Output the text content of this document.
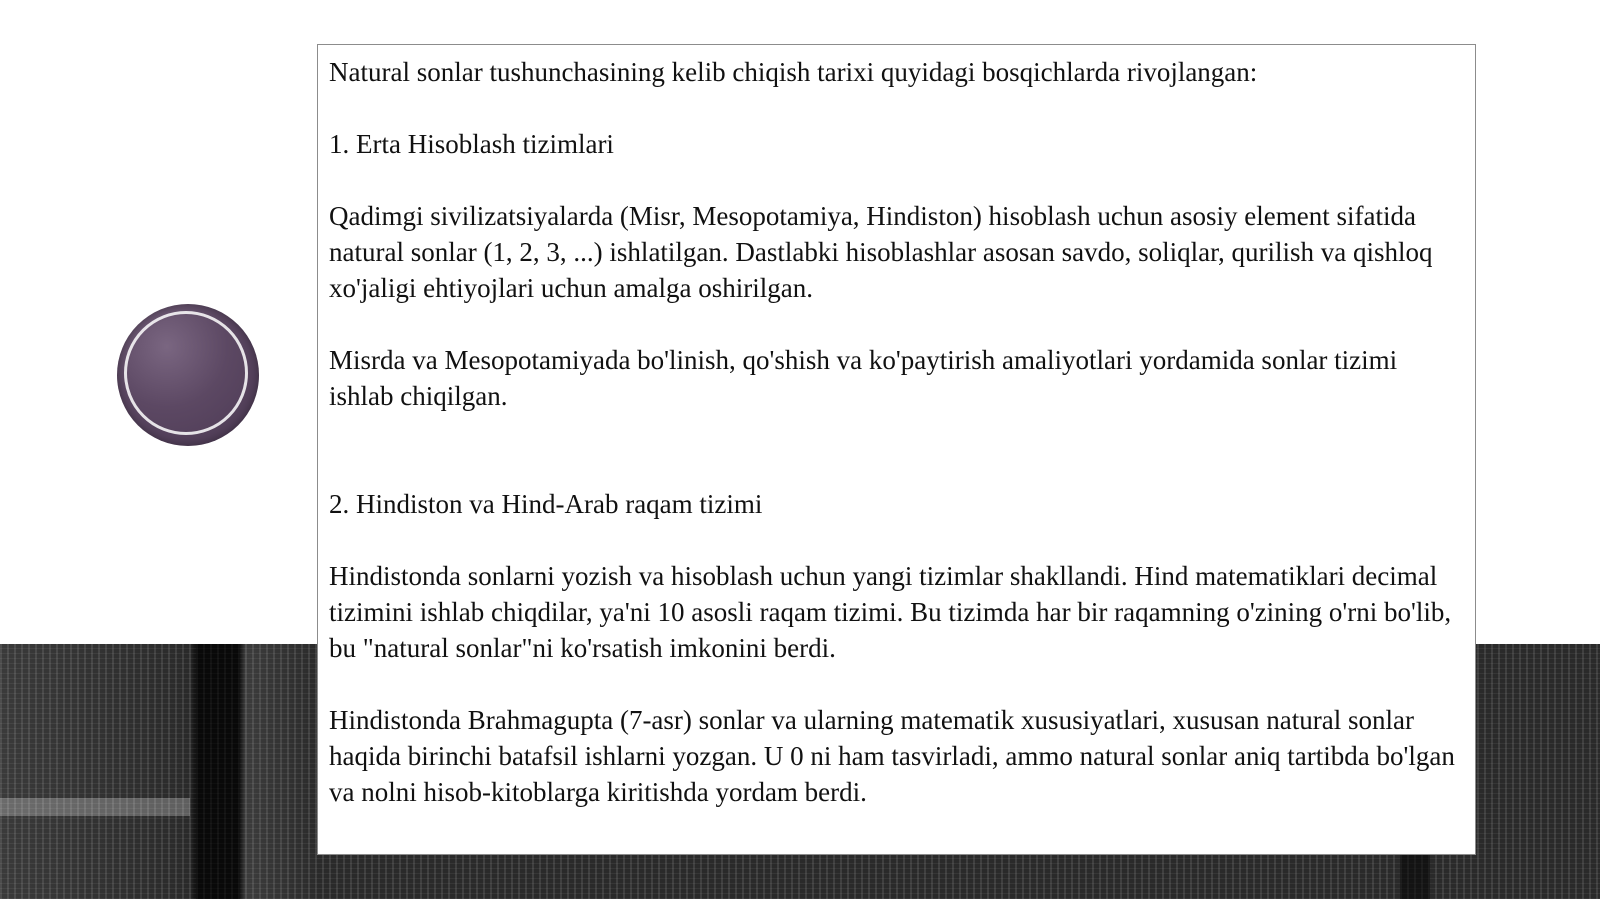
Natural sonlar tushunchasining kelib chiqish tarixi quyidagi bosqichlarda rivojlangan:

1. Erta Hisoblash tizimlari

Qadimgi sivilizatsiyalarda (Misr, Mesopotamiya, Hindiston) hisoblash uchun asosiy element sifatida natural sonlar (1, 2, 3, ...) ishlatilgan. Dastlabki hisoblashlar asosan savdo, soliqlar, qurilish va qishloq xo'jaligi ehtiyojlari uchun amalga oshirilgan.

Misrda va Mesopotamiyada bo'linish, qo'shish va ko'paytirish amaliyotlari yordamida sonlar tizimi ishlab chiqilgan.

2. Hindiston va Hind-Arab raqam tizimi

Hindistonda sonlarni yozish va hisoblash uchun yangi tizimlar shakllandi. Hind matematiklari decimal tizimini ishlab chiqdilar, ya'ni 10 asosli raqam tizimi. Bu tizimda har bir raqamning o'zining o'rni bo'lib, bu "natural sonlar"ni ko'rsatish imkonini berdi.

Hindistonda Brahmagupta (7-asr) sonlar va ularning matematik xususiyatlari, xususan natural sonlar haqida birinchi batafsil ishlarni yozgan. U 0 ni ham tasvirladi, ammo natural sonlar aniq tartibda bo'lgan va nolni hisob-kitoblarga kiritishda yordam berdi.
